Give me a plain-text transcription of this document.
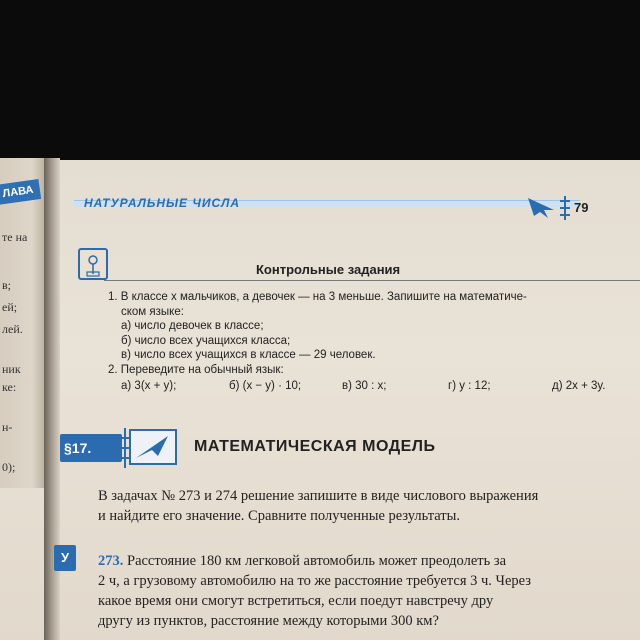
ЛАВА
те на
в;
ей;
лей.
ник
ке:
н-
0);
НАТУРАЛЬНЫЕ ЧИСЛА	79
Контрольные задания
1. В классе x мальчиков, а девочек — на 3 меньше. Запишите на математиче-
ском языке:
а) число девочек в классе;
б) число всех учащихся класса;
в) число всех учащихся в классе — 29 человек.
2. Переведите на обычный язык:
а) 3(x + y);	б) (x − y) · 10;	в) 30 : x;	г) y : 12;	д) 2x + 3y.
§17.	МАТЕМАТИЧЕСКАЯ МОДЕЛЬ
В задачах № 273 и 274 решение запишите в виде числового выражения
и найдите его значение. Сравните полученные результаты.
У	273. Расстояние 180 км легковой автомобиль может преодолеть за
2 ч, а грузовому автомобилю на то же расстояние требуется 3 ч. Через
какое время они смогут встретиться, если поедут навстречу дру
другу из пунктов, расстояние между которыми 300 км?
